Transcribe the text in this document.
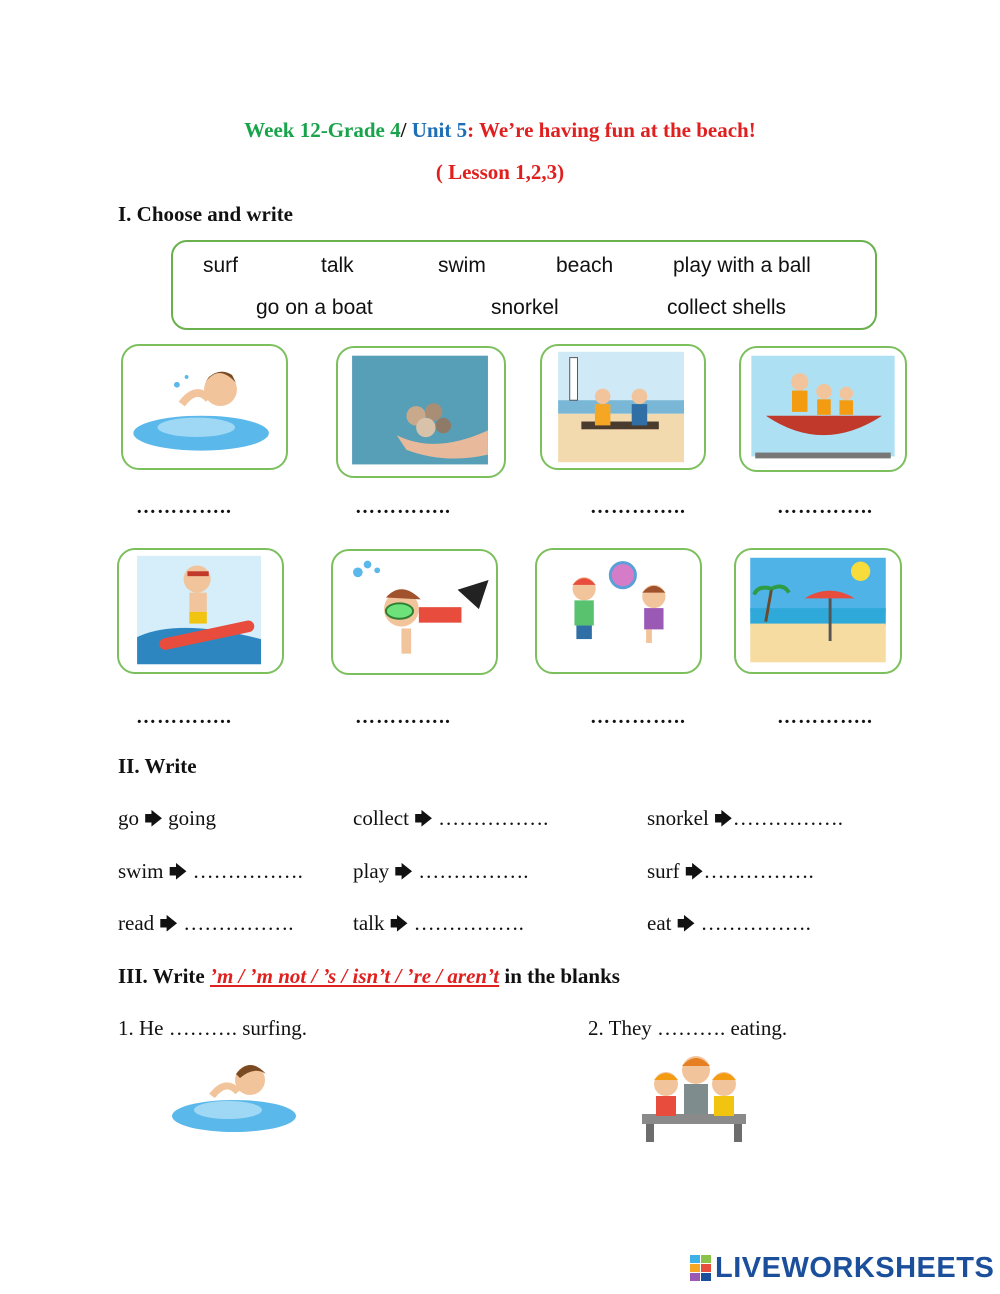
Week 12-Grade 4/ Unit 5: We’re having fun at the beach!
( Lesson 1,2,3)
I. Choose and write
surf	talk	swim	beach	play with a ball
go on a boat	snorkel	collect shells
…………..	…………..	…………..	…………..
…………..	…………..	…………..	…………..
II. Write
go 🡆 going	collect 🡆 …………….	snorkel 🡆…………….
swim 🡆 ……………. play 🡆 …………….	surf 🡆…………….
read 🡆 …………….	talk 🡆 …………….	eat 🡆 …………….
III. Write ’m / ’m not / ’s / isn’t / ’re / aren’t in the blanks
1. He ………. surfing.	2. They ………. eating.
LIVEWORKSHEETS
